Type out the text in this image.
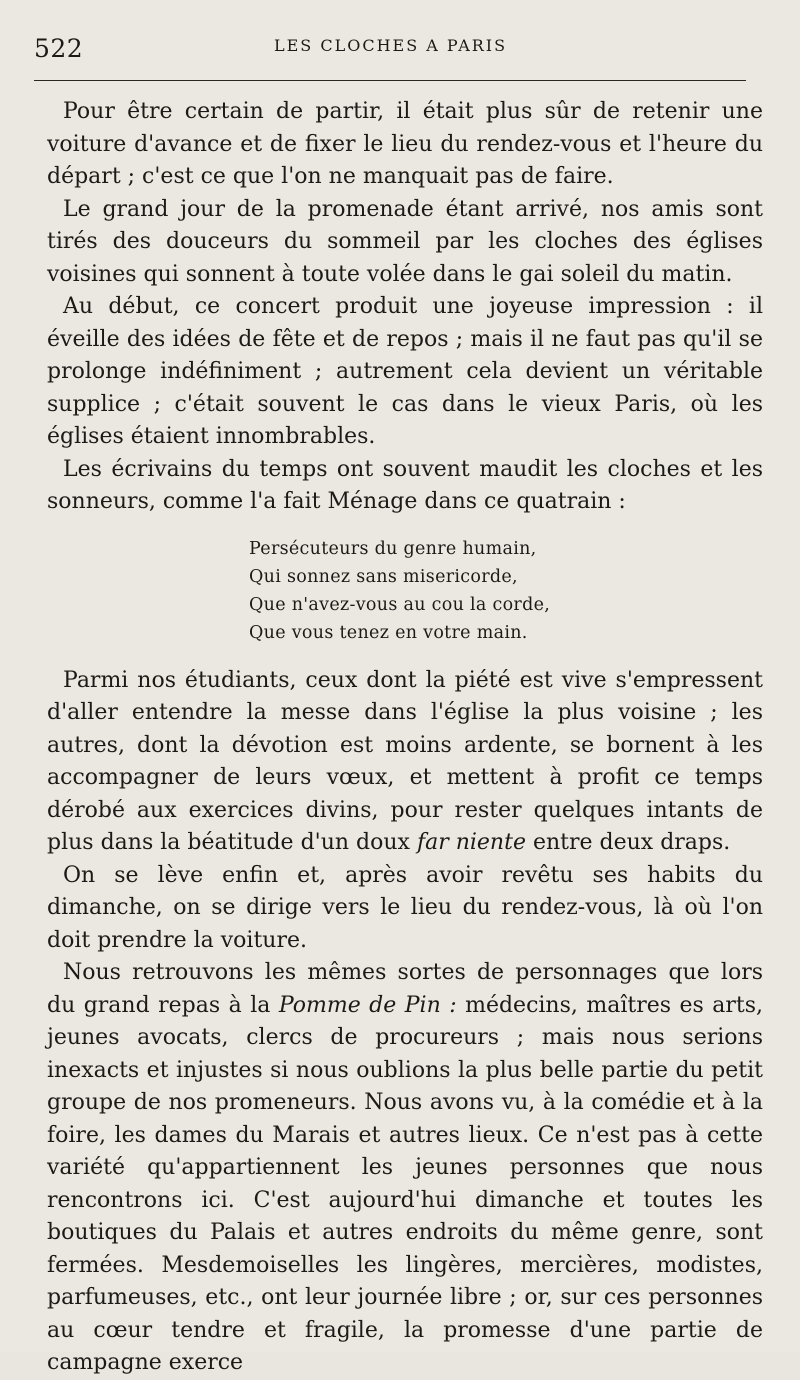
522	LES CLOCHES A PARIS

Pour être certain de partir, il était plus sûr de retenir une voiture d'avance et de fixer le lieu du rendez-vous et l'heure du départ ; c'est ce que l'on ne manquait pas de faire.

Le grand jour de la promenade étant arrivé, nos amis sont tirés des douceurs du sommeil par les cloches des églises voisines qui sonnent à toute volée dans le gai soleil du matin.

Au début, ce concert produit une joyeuse impression : il éveille des idées de fête et de repos ; mais il ne faut pas qu'il se prolonge indéfiniment ; autrement cela devient un véritable supplice ; c'était souvent le cas dans le vieux Paris, où les églises étaient innombrables.

Les écrivains du temps ont souvent maudit les cloches et les sonneurs, comme l'a fait Ménage dans ce quatrain :

Persécuteurs du genre humain,
Qui sonnez sans misericorde,
Que n'avez-vous au cou la corde,
Que vous tenez en votre main.

Parmi nos étudiants, ceux dont la piété est vive s'empressent d'aller entendre la messe dans l'église la plus voisine ; les autres, dont la dévotion est moins ardente, se bornent à les accompagner de leurs vœux, et mettent à profit ce temps dérobé aux exercices divins, pour rester quelques intants de plus dans la béatitude d'un doux far niente entre deux draps.

On se lève enfin et, après avoir revêtu ses habits du dimanche, on se dirige vers le lieu du rendez-vous, là où l'on doit prendre la voiture.

Nous retrouvons les mêmes sortes de personnages que lors du grand repas à la Pomme de Pin : médecins, maîtres es arts, jeunes avocats, clercs de procureurs ; mais nous serions inexacts et injustes si nous oublions la plus belle partie du petit groupe de nos promeneurs. Nous avons vu, à la comédie et à la foire, les dames du Marais et autres lieux. Ce n'est pas à cette variété qu'appartiennent les jeunes personnes que nous rencontrons ici. C'est aujourd'hui dimanche et toutes les boutiques du Palais et autres endroits du même genre, sont fermées. Mesdemoiselles les lingères, mercières, modistes, parfumeuses, etc., ont leur journée libre ; or, sur ces personnes au cœur tendre et fragile, la promesse d'une partie de campagne exerce
